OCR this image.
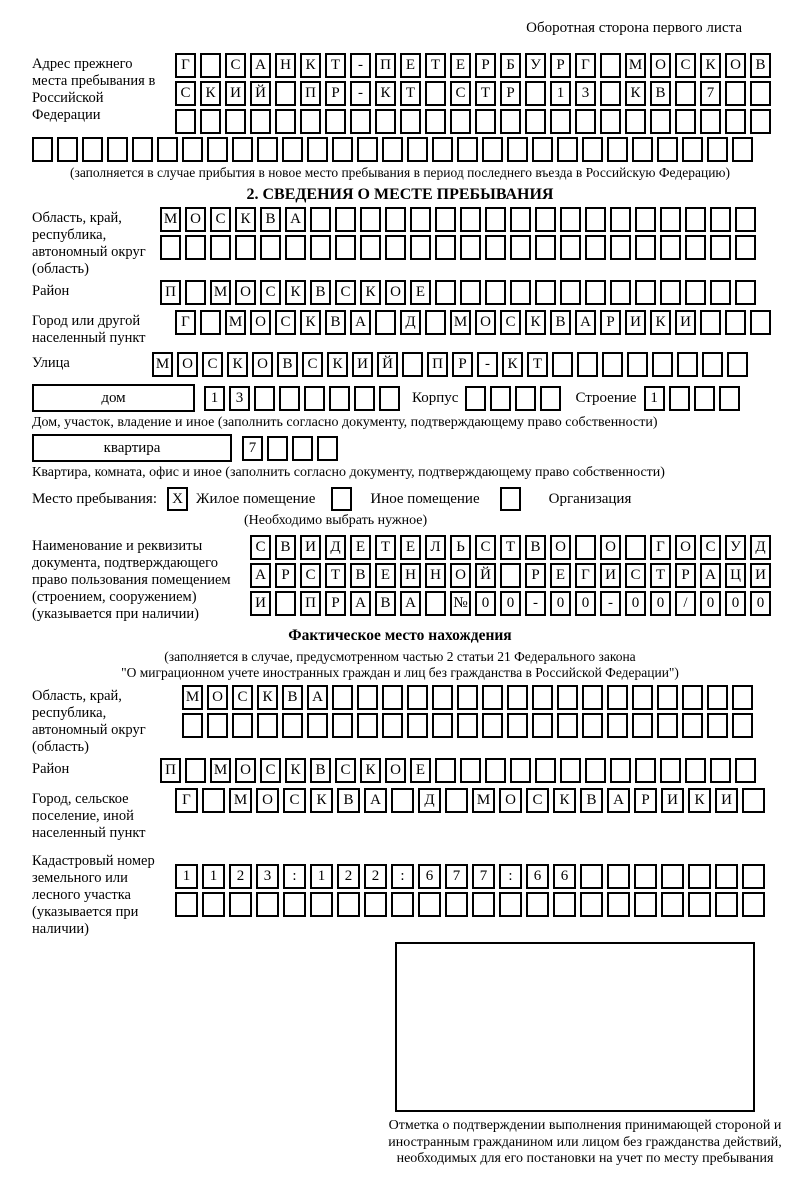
Оборотная сторона первого листа
Адрес прежнего места пребывания в Российской Федерации
Г	С А Н К	Т	-	П Е	Т	Е	Р	Б	У	Р	Г	М О С К О В
С К И Й	П	Р	-	К	Т	С	Т	Р	1	3	К В	7
(заполняется в случае прибытия в новое место пребывания в период последнего въезда в Российскую Федерацию)
2. СВЕДЕНИЯ О МЕСТЕ ПРЕБЫВАНИЯ
Область, край, республика, автономный округ (область)
М О С К В А
Район	П	М О С К В С К О Е
Город или другой населенный пункт
Г	М О С К В А	Д	М О С К В А	Р	И К И
Улица	М О С К О В С К И Й	П	Р	-	К	Т
дом	1	3	Корпус	Строение 1
Дом, участок, владение и иное (заполнить согласно документу, подтверждающему право собственности)
квартира	7
Квартира, комната, офис и иное (заполнить согласно документу, подтверждающему право собственности)
Место пребывания:	X Жилое помещение	Иное помещение	Организация
(Необходимо выбрать нужное)
Наименование и реквизиты документа, подтверждающего право пользования помещением (строением, сооружением) (указывается при наличии)
С В И Д	Е	Т	Е	Л	Ь	С	Т	В О	О	Г	О С У Д
А	Р	С	Т	В	Е	Н Н О Й	Р	Е	Г	И С	Т	Р	А Ц И
И	П	Р	А В А	№ 0	0	-	0	0	-	0	0	/	0	0	0
Фактическое место нахождения
(заполняется в случае, предусмотренном частью 2 статьи 21 Федерального закона
"О миграционном учете иностранных граждан и лиц без гражданства в Российской Федерации")
Область, край, республика, автономный округ (область)
М О С К В А
Район	П	М О С К В С К О Е
Город, сельское поселение, иной населенный пункт
Г	М О	С	К	В	А	Д	М О	С	К	В	А	Р	И	К	И
Кадастровый номер земельного или лесного участка (указывается при наличии)
1	1	2	3	:	1	2	2	:	6	7	7	:	6	6
Отметка о подтверждении выполнения принимающей стороной и иностранным гражданином или лицом без гражданства действий, необходимых для его постановки на учет по месту пребывания
